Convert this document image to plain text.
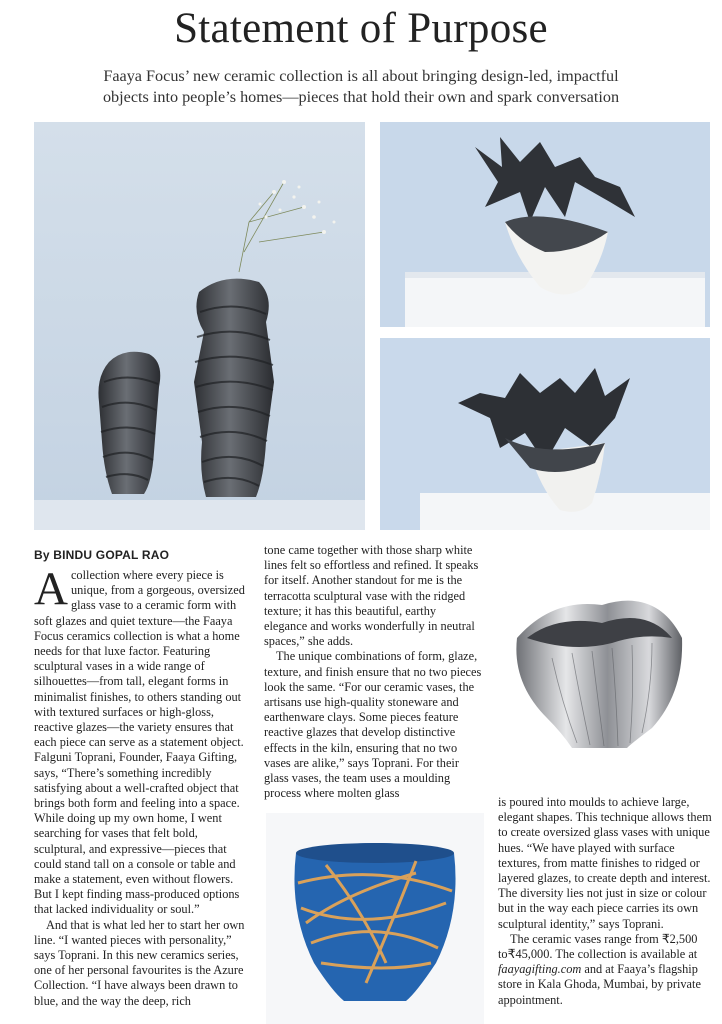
Statement of Purpose
Faaya Focus’ new ceramic collection is all about bringing design-led, impactful
objects into people’s homes—pieces that hold their own and spark conversation
By BINDU GOPAL RAO

Acollection where every piece is unique, from a gorgeous, oversized glass vase to a ceramic form with soft glazes and quiet texture—the Faaya Focus ceramics collection is what a home needs for that luxe factor. Featuring sculptural vases in a wide range of silhouettes—from tall, elegant forms in minimalist finishes, to others standing out with textured surfaces or high-gloss, reactive glazes—the variety ensures that each piece can serve as a statement object. Falguni Toprani, Founder, Faaya Gifting, says, “There’s something incredibly satisfying about a well-crafted object that brings both form and feeling into a space. While doing up my own home, I went searching for vases that felt bold, sculptural, and expressive—pieces that could stand tall on a console or table and make a statement, even without flowers. But I kept finding mass-produced options that lacked individuality or soul.”

And that is what led her to start her own line. “I wanted pieces with personality,” says Toprani. In this new ceramics series, one of her personal favourites is the Azure Collection. “I have always been drawn to blue, and the way the deep, rich

tone came together with those sharp white lines felt so effortless and refined. It speaks for itself. Another standout for me is the terracotta sculptural vase with the ridged texture; it has this beautiful, earthy elegance and works wonderfully in neutral spaces,” she adds.

The unique combinations of form, glaze, texture, and finish ensure that no two pieces look the same. “For our ceramic vases, the artisans use high-quality stoneware and earthenware clays. Some pieces feature reactive glazes that develop distinctive effects in the kiln, ensuring that no two vases are alike,” says Toprani. For their glass vases, the team uses a moulding process where molten glass

is poured into moulds to achieve large, elegant shapes. This technique allows them to create oversized glass vases with unique hues. “We have played with surface textures, from matte finishes to ridged or layered glazes, to create depth and interest. The diversity lies not just in size or colour but in the way each piece carries its own sculptural identity,” says Toprani.

The ceramic vases range from ₹2,500 to₹45,000. The collection is available at faayagifting.com and at Faaya’s flagship store in Kala Ghoda, Mumbai, by private appointment.
